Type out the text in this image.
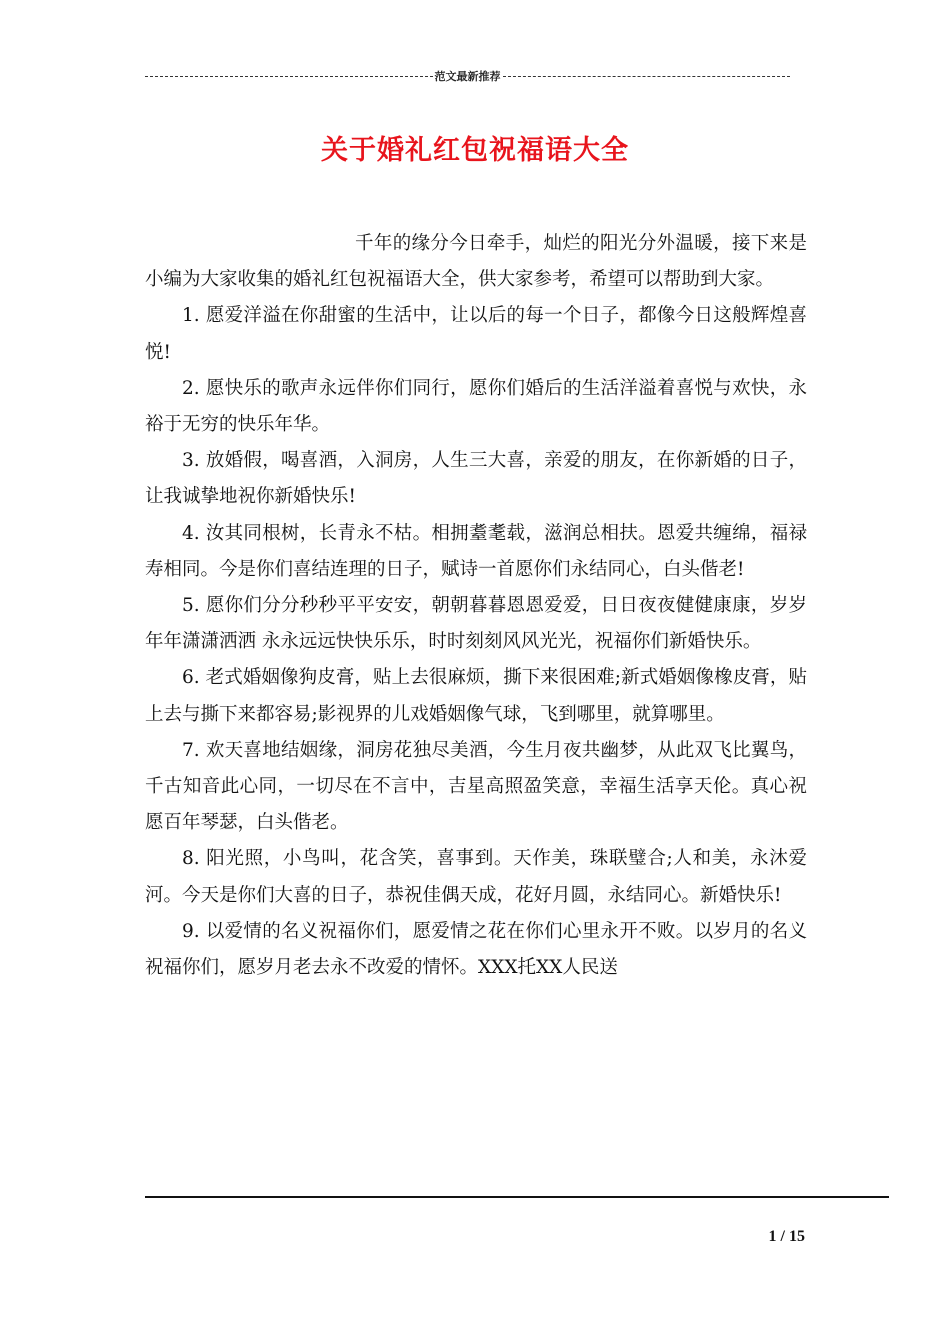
范文最新推荐
关于婚礼红包祝福语大全

千年的缘分今日牵手，灿烂的阳光分外温暖，接下来是小编为大家收集的婚礼红包祝福语大全，供大家参考，希望可以帮助到大家。

1. 愿爱洋溢在你甜蜜的生活中，让以后的每一个日子，都像今日这般辉煌喜悦!

2. 愿快乐的歌声永远伴你们同行，愿你们婚后的生活洋溢着喜悦与欢快，永裕于无穷的快乐年华。

3. 放婚假，喝喜酒，入洞房，人生三大喜，亲爱的朋友，在你新婚的日子，让我诚挚地祝你新婚快乐!

4. 汝其同根树，长青永不枯。相拥耋耄载，滋润总相扶。恩爱共缠绵，福禄寿相同。今是你们喜结连理的日子，赋诗一首愿你们永结同心，白头偕老!

5. 愿你们分分秒秒平平安安，朝朝暮暮恩恩爱爱，日日夜夜健健康康，岁岁年年潇潇洒洒 永永远远快快乐乐，时时刻刻风风光光，祝福你们新婚快乐。

6. 老式婚姻像狗皮膏，贴上去很麻烦，撕下来很困难;新式婚姻像橡皮膏，贴上去与撕下来都容易;影视界的儿戏婚姻像气球，飞到哪里，就算哪里。

7. 欢天喜地结姻缘，洞房花独尽美酒，今生月夜共幽梦，从此双飞比翼鸟，千古知音此心同，一切尽在不言中，吉星高照盈笑意，幸福生活享天伦。真心祝愿百年琴瑟，白头偕老。

8. 阳光照，小鸟叫，花含笑，喜事到。天作美，珠联璧合;人和美，永沐爱河。今天是你们大喜的日子，恭祝佳偶天成，花好月圆，永结同心。新婚快乐!

9. 以爱情的名义祝福你们，愿爱情之花在你们心里永开不败。以岁月的名义祝福你们，愿岁月老去永不改爱的情怀。XXX托XX人民送

1 / 15
